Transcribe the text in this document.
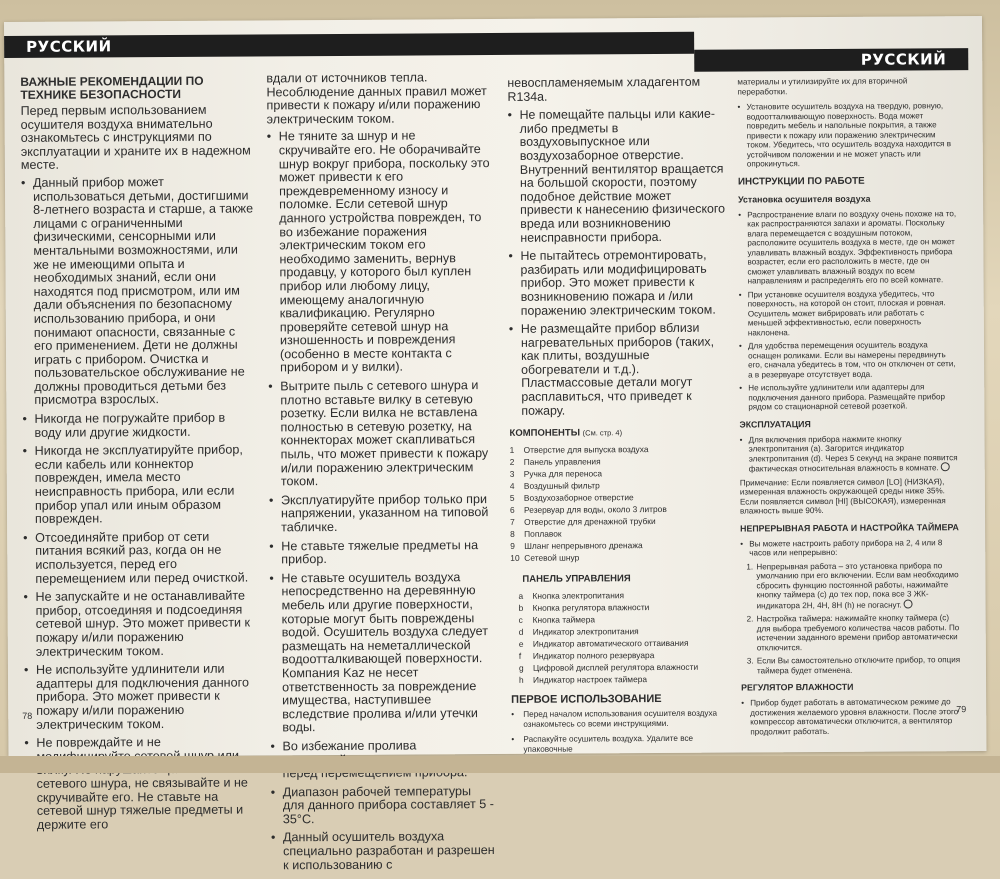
РУССКИЙ
РУССКИЙ
ВАЖНЫЕ РЕКОМЕНДАЦИИ ПО ТЕХНИКЕ БЕЗОПАСНОСТИ

Перед первым использованием осушителя воздуха внимательно ознакомьтесь с инструкциями по эксплуатации и храните их в надежном месте.

• Данный прибор может использоваться детьми, достигшими 8-летнего возраста и старше, а также лицами с ограниченными физическими, сенсорными или ментальными возможностями, или же не имеющими опыта и необходимых знаний, если они находятся под присмотром, или им дали объяснения по безопасному использованию прибора, и они понимают опасности, связанные с его применением. Дети не должны играть с прибором. Очистка и пользовательское обслуживание не должны проводиться детьми без присмотра взрослых.
• Никогда не погружайте прибор в воду или другие жидкости.
• Никогда не эксплуатируйте прибор, если кабель или коннектор поврежден, имела место неисправность прибора, или если прибор упал или иным образом поврежден.
• Отсоединяйте прибор от сети питания всякий раз, когда он не используется, перед его перемещением или перед очисткой.
• Не запускайте и не останавливайте прибор, отсоединяя и подсоединяя сетевой шнур. Это может привести к пожару и/или поражению электрическим током.
• Не используйте удлинители или адаптеры для подключения данного прибора. Это может привести к пожару и/или поражению электрическим током.
• Не повреждайте и не сетевого шнура, не связывайте и не скручивайте его. Не ставьте на сетевой шнур тяжелые предметы и держите его

вдали от источников тепла. Несоблюдение данных правил может привести к пожару и/или поражению электрическим током.

• Не тяните за шнур и не скручивайте его. Не оборачивайте шнур вокруг прибора, поскольку это может привести к его преждевременному износу и поломке. Если сетевой шнур данного устройства поврежден, то во избежание поражения электрическим током его необходимо заменить, вернув продавцу, у которого был куплен прибор или любому лицу, имеющему аналогичную квалификацию. Регулярно проверяйте сетевой шнур на изношенность и повреждения (особенно в месте контакта с прибором и у вилки).
• Вытрите пыль с сетевого шнура и плотно вставьте вилку в сетевую розетку. Если вилка не вставлена полностью в сетевую розетку, на коннекторах может скапливаться пыль, что может привести к пожару и/или поражению электрическим током.
• Эксплуатируйте прибор только при напряжении, указанном на типовой табличке.
• Не ставьте тяжелые предметы на прибор.
• Не ставьте осушитель воздуха непосредственно на деревянную мебель или другие поверхности, которые могут быть повреждены водой. Осушитель воздуха следует размещать на неметаллической водоотталкивающей поверхности. Компания Kaz не несет ответственность за повреждение имущества, наступившее вследствие пролива и/или утечки воды.
• Во избежание пролива перед
• Диапазон рабочей температуры для данного прибора составляет 5 - 35°C.
• Данный осушитель воздуха специально разработан и разрешен к использованию с

невоспламеняемым хладагентом R134a.

• Не помещайте пальцы или какие-либо предметы в воздуховыпускное или воздухозаборное отверстие. Внутренний вентилятор вращается на большой скорости, поэтому подобное действие может привести к нанесению физического вреда или возникновению неисправности прибора.
• Не пытайтесь отремонтировать, разбирать или модифицировать прибор. Это может привести к возникновению пожара и /или поражению электрическим током.
• Не размещайте прибор вблизи нагревательных приборов (таких, как плиты, воздушные обогреватели и т.д.). Пластмассовые детали могут расплавиться, что приведет к пожару.
КОМПОНЕНТЫ (См. стр. 4)
1	Отверстие для выпуска воздуха
2	Панель управления
3	Ручка для переноса
4	Воздушный фильтр
5	Воздухозаборное отверстие
6	Резервуар для воды, около 3 литров
7	Отверстие для дренажной трубки
8	Поплавок
9	Шланг непрерывного дренажа
10 Сетевой шнур
ПАНЕЛЬ УПРАВЛЕНИЯ
a	Кнопка электропитания
b	Кнопка регулятора влажности
c	Кнопка таймера
d	Индикатор электропитания
e	Индикатор автоматического оттаивания
f	Индикатор полного резервуара
g	Цифровой дисплей регулятора влажности
h	Индикатор настроек таймера
ПЕРВОЕ ИСПОЛЬЗОВАНИЕ
• Перед началом использования осушителя воздуха ознакомьтесь со всеми инструкциями.
• Распакуйте осушитель воздуха. Удалите все упаковочные

материалы и утилизируйте их для вторичной переработки.

• Установите осушитель воздуха на твердую, ровную, водоотталкивающую поверхность. Вода может повредить мебель и напольные покрытия, а также привести к пожару или поражению электрическим током. Убедитесь, что осушитель воздуха находится в устойчивом положении и не может упасть или опрокинуться.
ИНСТРУКЦИИ ПО РАБОТЕ
Установка осушителя воздуха
• Распространение влаги по воздуху очень похоже на то, как распространяются запахи и ароматы. Поскольку влага перемещается с воздушным потоком, расположите осушитель воздуха в месте, где он может улавливать влажный воздух. Эффективность прибора возрастет, если его расположить в месте, где он сможет улавливать влажный воздух по всем направлениям и распределять его по всей комнате.
• При установке осушителя воздуха убедитесь, что поверхность, на которой он стоит, плоская и ровная. Осушитель может вибрировать или работать с меньшей эффективностью, если поверхность наклонена.
• Для удобства перемещения осушитель воздуха оснащен роликами. Если вы намерены передвинуть его, сначала убедитесь в том, что он отключен от сети, а в резервуаре отсутствует вода.
• Не используйте удлинители или адаптеры для подключения данного прибора. Размещайте прибор рядом со стационарной сетевой розеткой.
ЭКСПЛУАТАЦИЯ
• Для включения прибора нажмите кнопку электропитания (a). Загорится индикатор электропитания (d). Через 5 секунд на экране появится фактическая относительная влажность в комнате.

Примечание: Если появляется символ [LO] (НИЗКАЯ), измеренная влажность окружающей среды ниже 35%. Если появляется символ [HI] (ВЫСОКАЯ), измеренная влажность выше 90%.

НЕПРЕРЫВНАЯ РАБОТА И НАСТРОЙКА ТАЙМЕРА
• Вы можете настроить работу прибора на 2, 4 или 8 часов или непрерывно:
1. Непрерывная работа – это установка прибора по умолчанию при его включении. Если вам необходимо сбросить функцию постоянной работы, нажимайте кнопку таймера (c) до тех пор, пока все 3 ЖК-индикатора 2H, 4H, 8H (h) не погаснут.
2. Настройка таймера: нажимайте кнопку таймера (c) для выбора требуемого количества часов работы. По истечении заданного времени прибор автоматически отключится.
3. Если Вы самостоятельно отключите прибор, то опция таймера будет отменена.
РЕГУЛЯТОР ВЛАЖНОСТИ
• Прибор будет работать в автоматическом режиме до достижения желаемого уровня влажности. После этого компрессор автоматически отключится, а вентилятор продолжит работать.
78
79
